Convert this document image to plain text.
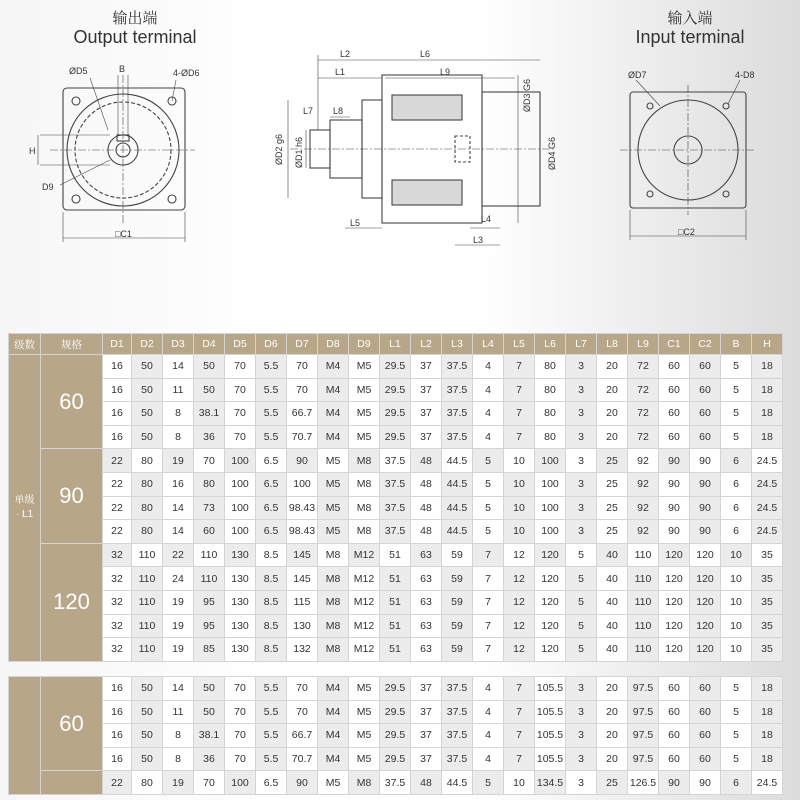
输出端
Output terminal
输入端
Input terminal
ØD5	B	4-ØD6
H
D9
□C1
L2	L6
L1	L9
L7 L8
ØD2 g6 ØD1 h6
ØD3 G6
ØD4 G6
L5	L4
L3
ØD7	4-D8
□C2
级数	规格	D1	D2	D3	D4	D5	D6	D7	D8	D9	L1	L2	L3	L4	L5	L6	L7	L8	L9	C1	C2	B	H
单级 · L1	60	16	50	14	50	70	5.5	70	M4	M5	29.5	37	37.5	4	7	80	3	20	72	60	60	5	18
		16	50	11	50	70	5.5	70	M4	M5	29.5	37	37.5	4	7	80	3	20	72	60	60	5	18
		16	50	8	38.1	70	5.5	66.7	M4	M5	29.5	37	37.5	4	7	80	3	20	72	60	60	5	18
		16	50	8	36	70	5.5	70.7	M4	M5	29.5	37	37.5	4	7	80	3	20	72	60	60	5	18
	90	22	80	19	70	100	6.5	90	M5	M8	37.5	48	44.5	5	10	100	3	25	92	90	90	6	24.5
		22	80	16	80	100	6.5	100	M5	M8	37.5	48	44.5	5	10	100	3	25	92	90	90	6	24.5
		22	80	14	73	100	6.5	98.43	M5	M8	37.5	48	44.5	5	10	100	3	25	92	90	90	6	24.5
		22	80	14	60	100	6.5	98.43	M5	M8	37.5	48	44.5	5	10	100	3	25	92	90	90	6	24.5
	120	32	110	22	110	130	8.5	145	M8	M12	51	63	59	7	12	120	5	40	110	120	120	10	35
		32	110	24	110	130	8.5	145	M8	M12	51	63	59	7	12	120	5	40	110	120	120	10	35
		32	110	19	95	130	8.5	115	M8	M12	51	63	59	7	12	120	5	40	110	120	120	10	35
		32	110	19	95	130	8.5	130	M8	M12	51	63	59	7	12	120	5	40	110	120	120	10	35
		32	110	19	85	130	8.5	132	M8	M12	51	63	59	7	12	120	5	40	110	120	120	10	35
	60	16	50	14	50	70	5.5	70	M4	M5	29.5	37	37.5	4	7	105.5	3	20	97.5	60	60	5	18
		16	50	11	50	70	5.5	70	M4	M5	29.5	37	37.5	4	7	105.5	3	20	97.5	60	60	5	18
		16	50	8	38.1	70	5.5	66.7	M4	M5	29.5	37	37.5	4	7	105.5	3	20	97.5	60	60	5	18
		16	50	8	36	70	5.5	70.7	M4	M5	29.5	37	37.5	4	7	105.5	3	20	97.5	60	60	5	18
		22	80	19	70	100	6.5	90	M5	M8	37.5	48	44.5	5	10	134.5	3	25	126.5	90	90	6	24.5
